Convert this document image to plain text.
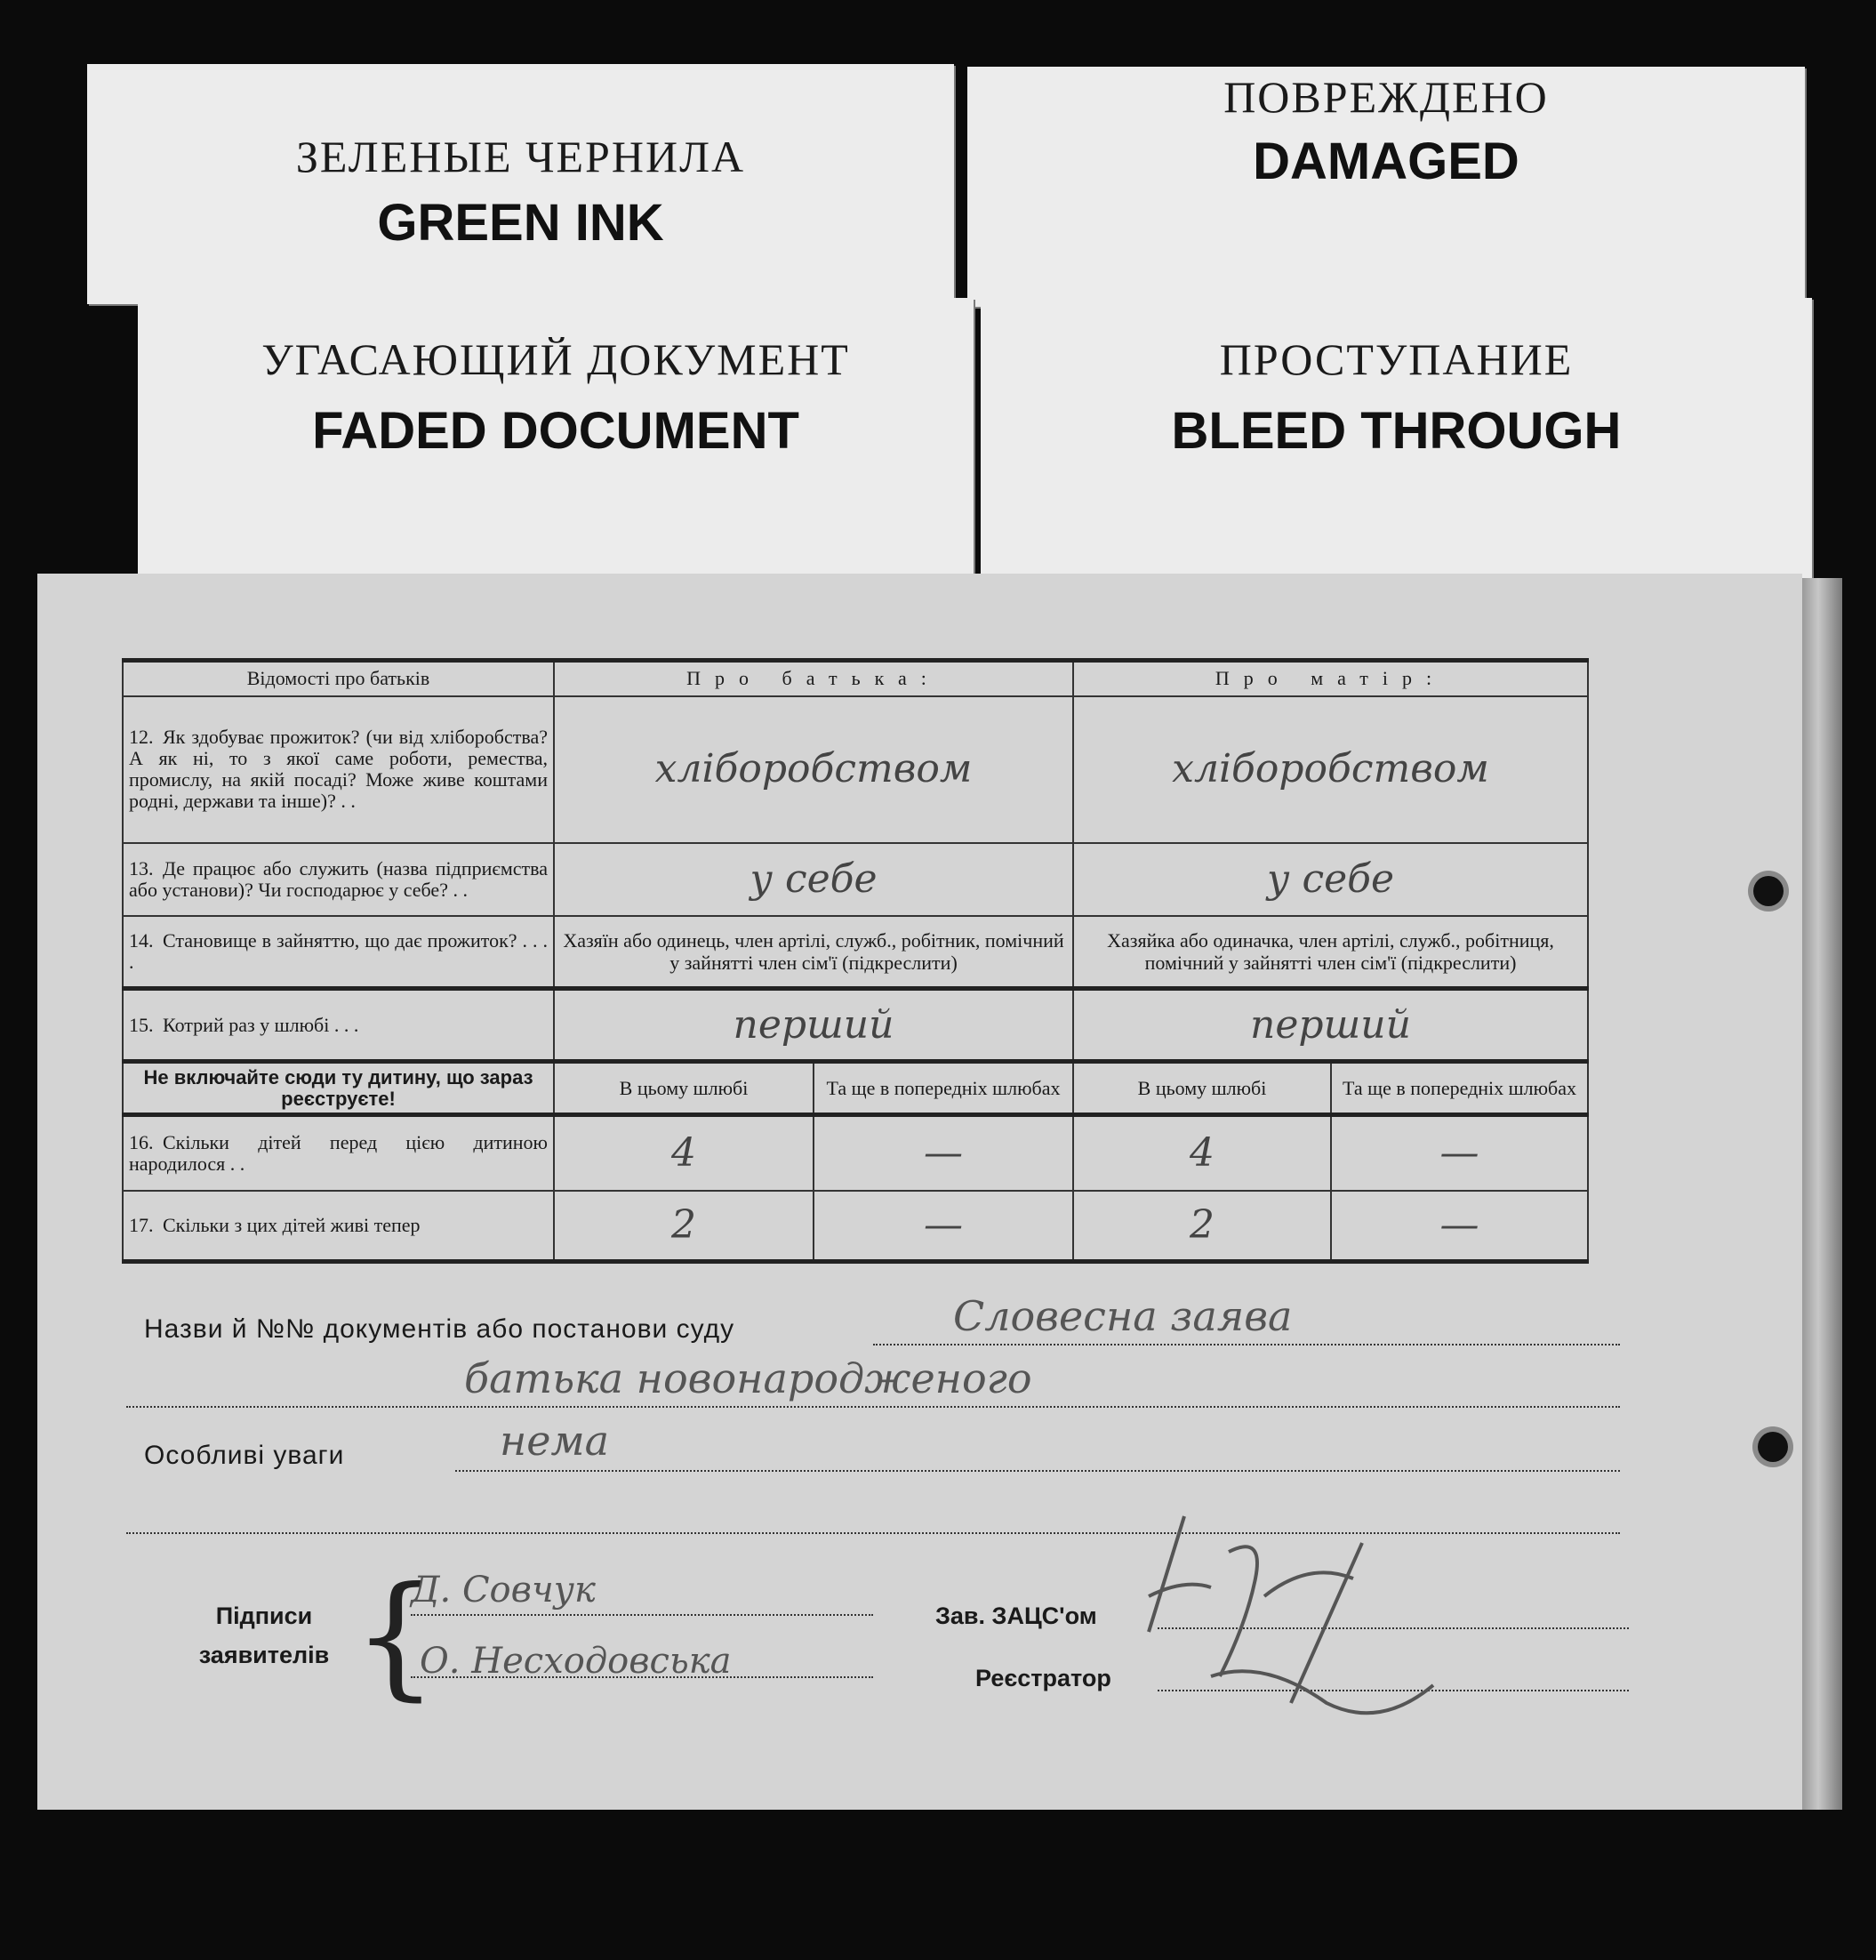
ЗЕЛЕНЫЕ ЧЕРНИЛА
GREEN INK
ПОВРЕЖДЕНО
DAMAGED
УГАСАЮЩИЙ ДОКУМЕНТ
FADED DOCUMENT
ПРОСТУПАНИЕ
BLEED THROUGH
Відомості про батьків	Про батька:		Про матір:	
12. Як здобуває прожиток? (чи від хліборобства? А як ні, то з якої саме роботи, ремества, промислу, на якій посаді? Може живе коштами родні, держави та інше)? . .	хліборобством		хліборобством	
13. Де працює або служить (назва підприємства або установи)? Чи господарює у себе? . .	у себе		у себе	
14. Становище в зайняттю, що дає прожиток? . . . .	Хазяїн або одинець, член артілі, служб., робітник, помічний у зайнятті член сім'ї (підкреслити)		Хазяйка або одиначка, член артілі, служб., робітниця, помічний у зайнятті член сім'ї (підкреслити)	
15. Котрий раз у шлюбі . . .	перший		перший	
Не включайте сюди ту дитину, що зараз реєструєте!	В цьому шлюбі	Та ще в попередніх шлюбах	В цьому шлюбі	Та ще в попередніх шлюбах
16. Скільки дітей перед цією дитиною народилося . .	4	—	4	—
17. Скільки з цих дітей живі тепер	2	—	2	—
Назви й №№ документів або постанови суду	Словесна заява
батька новонародженого
Особливі уваги	нема
Підписи заявителів {
Д. Совчук
О. Несходовська
Зав. ЗАЦС'ом
Реєстратор
